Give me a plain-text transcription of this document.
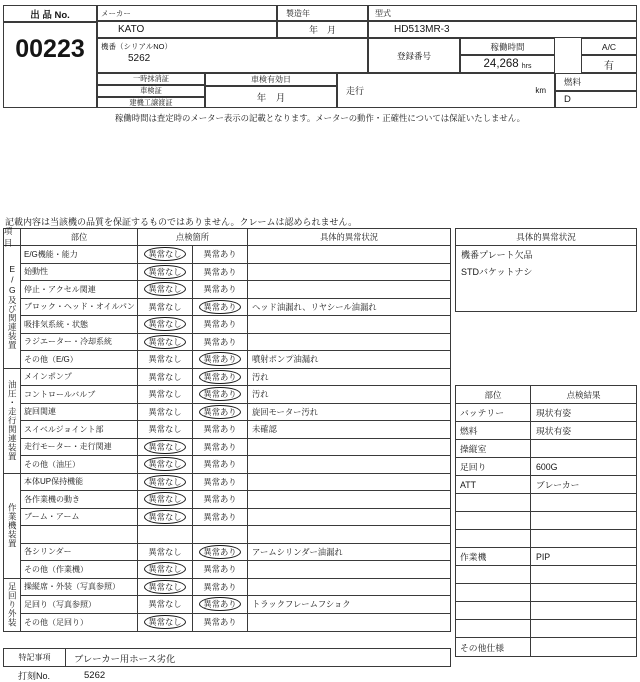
出 品 No.
00223
メーカー
KATO
製造年
年　月
型式
HD513MR-3
機番（シリアルNO）
5262	登録番号
稼働時間
24,268 hrs
A/C
有
一時抹消証
車検証
建機工譲渡証
車検有効日
年　月
走行	km
燃料
D
稼働時間は査定時のメーター表示の記載となります。メーターの動作・正確性については保証いたしません。
記載内容は当該機の品質を保証するものではありません。クレームは認められません。
項目
部位	点検箇所	具体的異常状況
E/G及び関連装置
油圧・走行関連装置
作業機装置
足回り外装
E/G機能・能力	異常なし	異常あり
始動性	異常なし	異常あり
停止・アクセル関連	異常なし	異常あり
ブロック・ヘッド・オイルパン	異常なし	異常あり	ヘッド油漏れ、リヤシール油漏れ
吸排気系統・状態	異常なし	異常あり
ラジエーター・冷却系統	異常なし	異常あり
その他（E/G）	異常なし	異常あり	噴射ポンプ油漏れ
メインポンプ	異常なし	異常あり	汚れ
コントロールバルブ	異常なし	異常あり	汚れ
旋回関連	異常なし	異常あり	旋回モーター汚れ
スイベルジョイント部	異常なし	異常あり	未確認
走行モーター・走行関連	異常なし	異常あり
その他（油圧）	異常なし	異常あり
本体UP保持機能	異常なし	異常あり
各作業機の動き	異常なし	異常あり
ブーム・アーム	異常なし	異常あり
各シリンダー	異常なし	異常あり	アームシリンダー油漏れ
その他（作業機）	異常なし	異常あり
操縦席・外装（写真参照）	異常なし	異常あり
足回り（写真参照）	異常なし	異常あり	トラックフレームフショク
その他（足回り）	異常なし	異常あり
具体的異常状況
機番プレート欠品
STDバケットナシ
部位	点検結果
バッテリー	現状有姿
燃料	現状有姿
操縦室
足回り	600G
ATT	ブレーカー
作業機	PIP
その他仕様
特記事項	ブレーカー用ホース劣化
打刻No.	5262
